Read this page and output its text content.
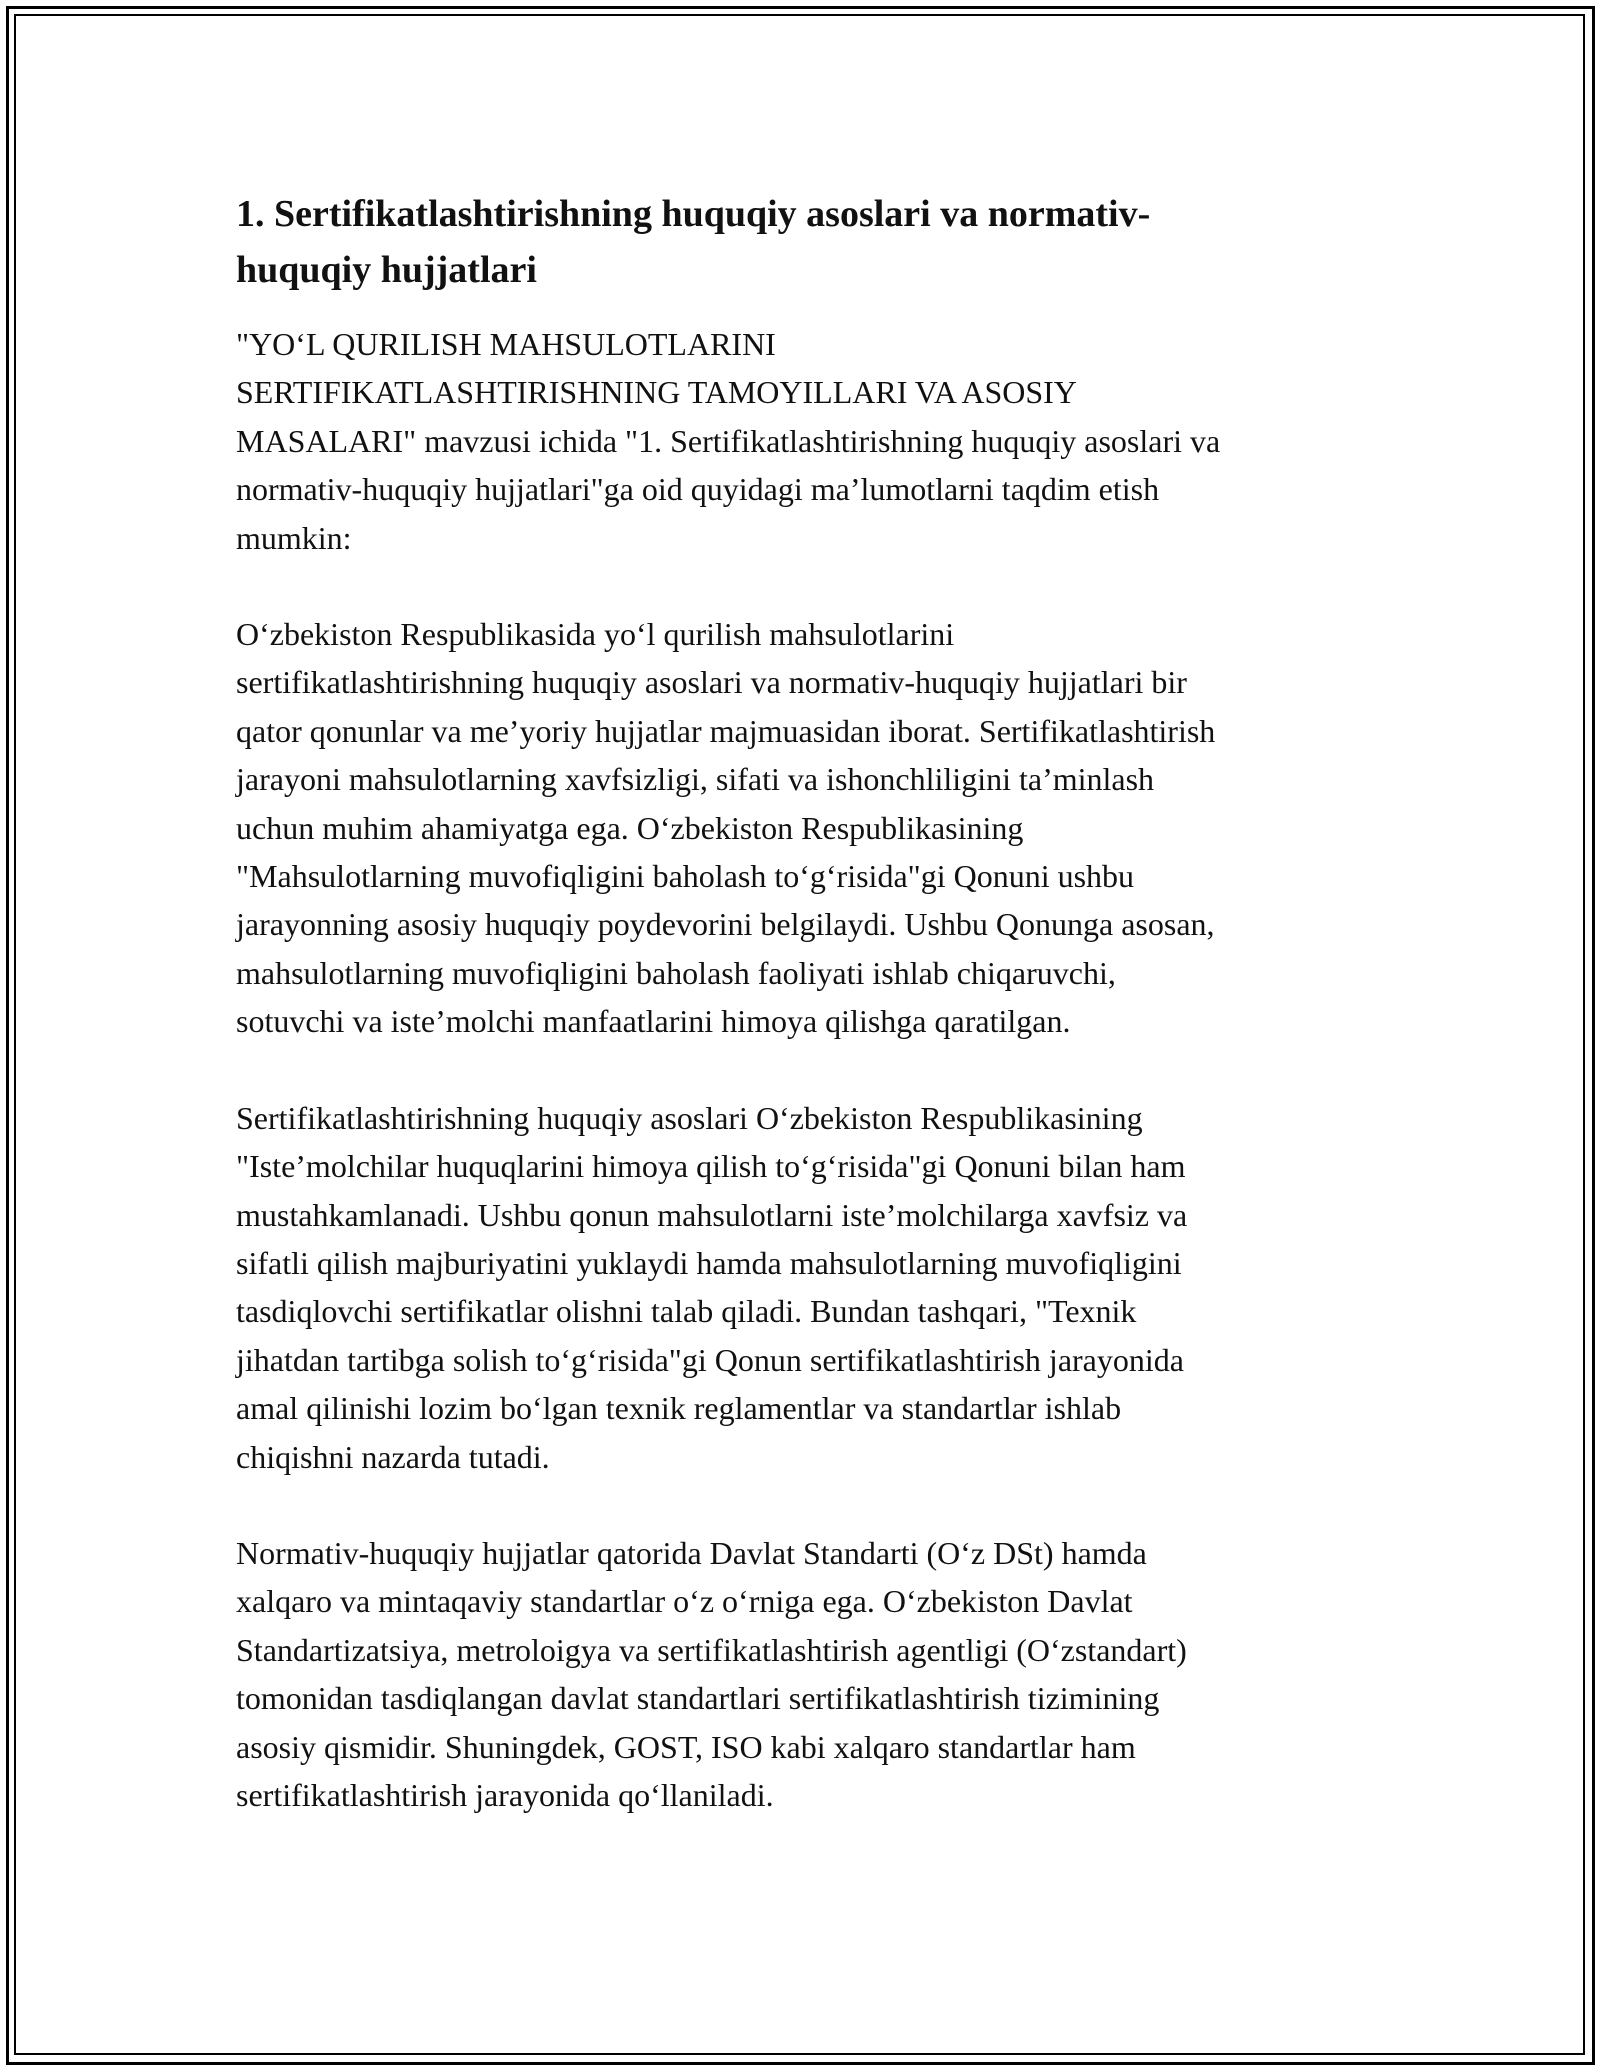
1. Sertifikatlashtirishning huquqiy asoslari va normativ-
huquqiy hujjatlari

"YO‘L QURILISH MAHSULOTLARINI
SERTIFIKATLASHTIRISHNING TAMOYILLARI VA ASOSIY
MASALARI" mavzusi ichida "1. Sertifikatlashtirishning huquqiy asoslari va
normativ-huquqiy hujjatlari"ga oid quyidagi ma’lumotlarni taqdim etish
mumkin:

O‘zbekiston Respublikasida yo‘l qurilish mahsulotlarini
sertifikatlashtirishning huquqiy asoslari va normativ-huquqiy hujjatlari bir
qator qonunlar va me’yoriy hujjatlar majmuasidan iborat. Sertifikatlashtirish
jarayoni mahsulotlarning xavfsizligi, sifati va ishonchliligini ta’minlash
uchun muhim ahamiyatga ega. O‘zbekiston Respublikasining
"Mahsulotlarning muvofiqligini baholash to‘g‘risida"gi Qonuni ushbu
jarayonning asosiy huquqiy poydevorini belgilaydi. Ushbu Qonunga asosan,
mahsulotlarning muvofiqligini baholash faoliyati ishlab chiqaruvchi,
sotuvchi va iste’molchi manfaatlarini himoya qilishga qaratilgan.

Sertifikatlashtirishning huquqiy asoslari O‘zbekiston Respublikasining
"Iste’molchilar huquqlarini himoya qilish to‘g‘risida"gi Qonuni bilan ham
mustahkamlanadi. Ushbu qonun mahsulotlarni iste’molchilarga xavfsiz va
sifatli qilish majburiyatini yuklaydi hamda mahsulotlarning muvofiqligini
tasdiqlovchi sertifikatlar olishni talab qiladi. Bundan tashqari, "Texnik
jihatdan tartibga solish to‘g‘risida"gi Qonun sertifikatlashtirish jarayonida
amal qilinishi lozim bo‘lgan texnik reglamentlar va standartlar ishlab
chiqishni nazarda tutadi.

Normativ-huquqiy hujjatlar qatorida Davlat Standarti (O‘z DSt) hamda
xalqaro va mintaqaviy standartlar o‘z o‘rniga ega. O‘zbekiston Davlat
Standartizatsiya, metroloigya va sertifikatlashtirish agentligi (O‘zstandart)
tomonidan tasdiqlangan davlat standartlari sertifikatlashtirish tizimining
asosiy qismidir. Shuningdek, GOST, ISO kabi xalqaro standartlar ham
sertifikatlashtirish jarayonida qo‘llaniladi.
